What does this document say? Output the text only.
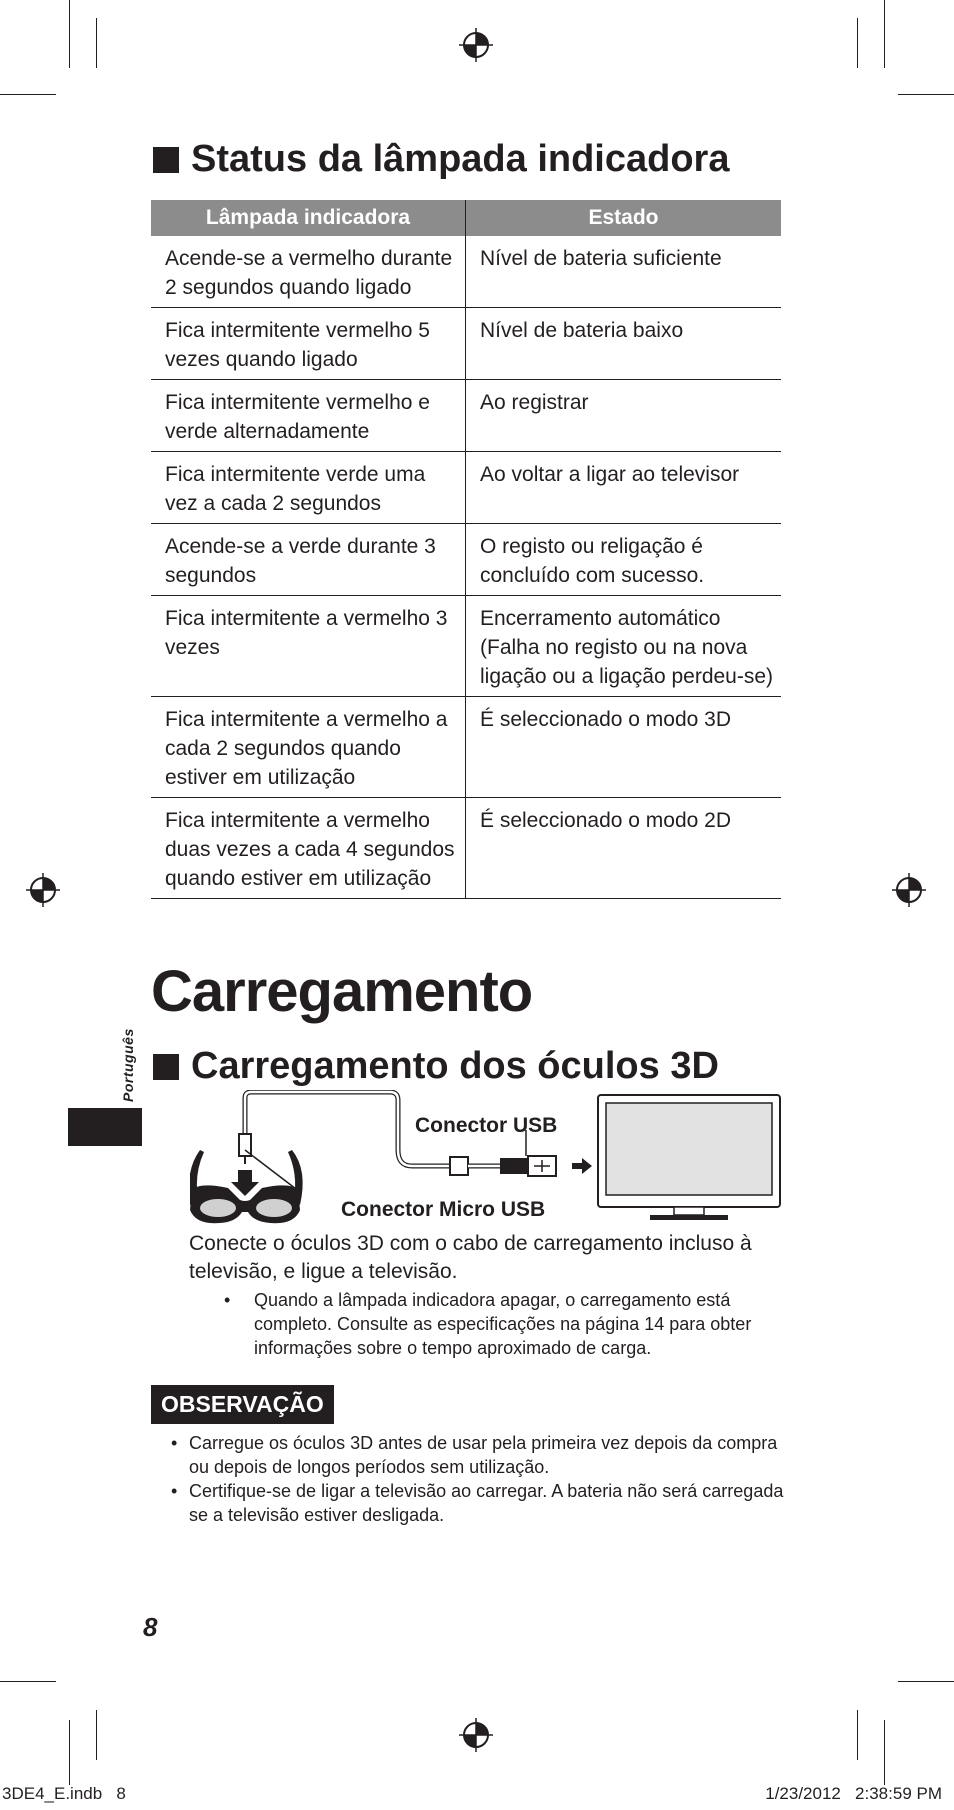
Status da lâmpada indicadora
Lâmpada indicadora	Estado
Acende-se a vermelho durante 2 segundos quando ligado	Nível de bateria suficiente
Fica intermitente vermelho 5 vezes quando ligado	Nível de bateria baixo
Fica intermitente vermelho e verde alternadamente	Ao registrar
Fica intermitente verde uma vez a cada 2 segundos	Ao voltar a ligar ao televisor
Acende-se a verde durante 3 segundos	O registo ou religação é concluído com sucesso.
Fica intermitente a vermelho 3 vezes	Encerramento automático (Falha no registo ou na nova ligação ou a ligação perdeu-se)
Fica intermitente a vermelho a cada 2 segundos quando estiver em utilização	É seleccionado o modo 3D
Fica intermitente a vermelho duas vezes a cada 4 segundos quando estiver em utilização	É seleccionado o modo 2D
Carregamento
Português Carregamento dos óculos 3D
Conector USB
Conector Micro USB
Conecte o óculos 3D com o cabo de carregamento incluso à televisão, e ligue a televisão.
• Quando a lâmpada indicadora apagar, o carregamento está completo. Consulte as especificações na página 14 para obter informações sobre o tempo aproximado de carga.
OBSERVAÇÃO
• Carregue os óculos 3D antes de usar pela primeira vez depois da compra ou depois de longos períodos sem utilização.
• Certifique-se de ligar a televisão ao carregar. A bateria não será carregada se a televisão estiver desligada.
8
3DE4_E.indb   8	1/23/2012   2:38:59 PM
